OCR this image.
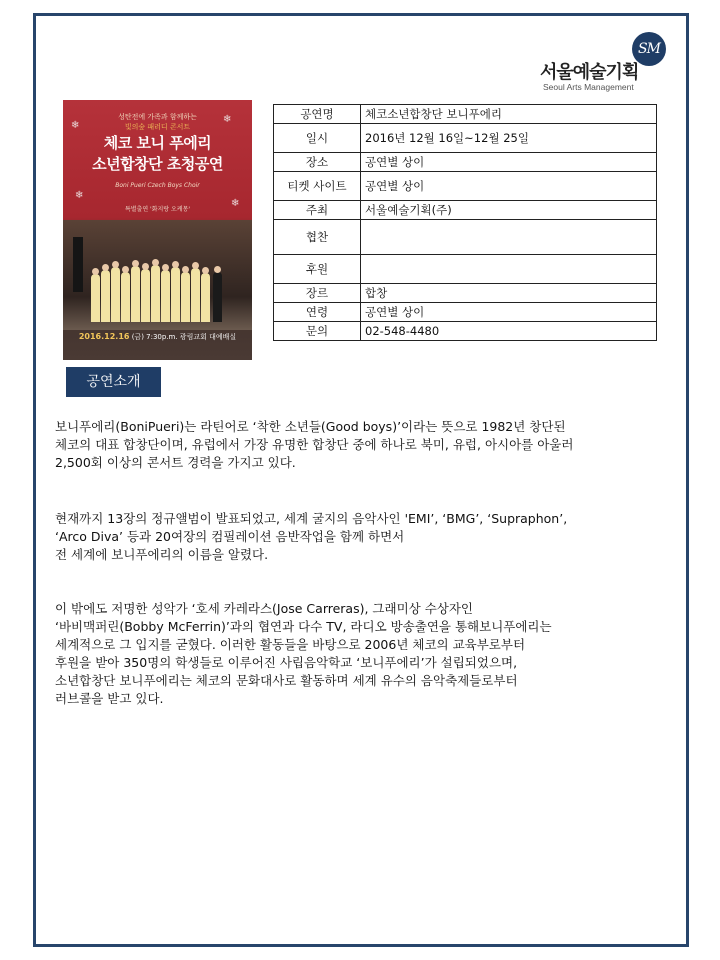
SM
서울예술기획
Seoul Arts Management
❄
❄
❄
❄
성탄전에 가족과 함께하는
빛의숲 패러디 콘서트
체코 보니 푸에리
소년합창단 초청공연
Boni Pueri Czech Boys Choir
특별출연 '화지랑 오케몽'
2016.12.16 (금) 7:30p.m. 광림교회 대예배실
공연명	체코소년합창단 보니푸에리
일시	2016년 12월 16일~12월 25일
장소	공연별 상이
티켓 사이트	공연별 상이
주최	서울예술기획(주)
협찬	
후원	
장르	합창
연령	공연별 상이
문의	02-548-4480
공연소개
보니푸에리(BoniPueri)는 라틴어로 ‘착한 소년들(Good boys)’이라는 뜻으로 1982년 창단된
체코의 대표 합창단이며, 유럽에서 가장 유명한 합창단 중에 하나로 북미, 유럽, 아시아를 아울러
2,500회 이상의 콘서트 경력을 가지고 있다.
현재까지 13장의 정규앨범이 발표되었고, 세계 굴지의 음악사인 'EMI’, ‘BMG’, ‘Supraphon’,
‘Arco Diva’ 등과 20여장의 컴필레이션 음반작업을 함께 하면서
전 세계에 보니푸에리의 이름을 알렸다.
이 밖에도 저명한 성악가 ‘호세 카레라스(Jose Carreras), 그래미상 수상자인
‘바비맥퍼린(Bobby McFerrin)’과의 협연과 다수 TV, 라디오 방송출연을 통해보니푸에리는
세계적으로 그 입지를 굳혔다. 이러한 활동들을 바탕으로 2006년 체코의 교육부로부터
후원을 받아 350명의 학생들로 이루어진 사립음악학교 ‘보니푸에리’가 설립되었으며,
소년합창단 보니푸에리는 체코의 문화대사로 활동하며 세계 유수의 음악축제들로부터
러브콜을 받고 있다.
